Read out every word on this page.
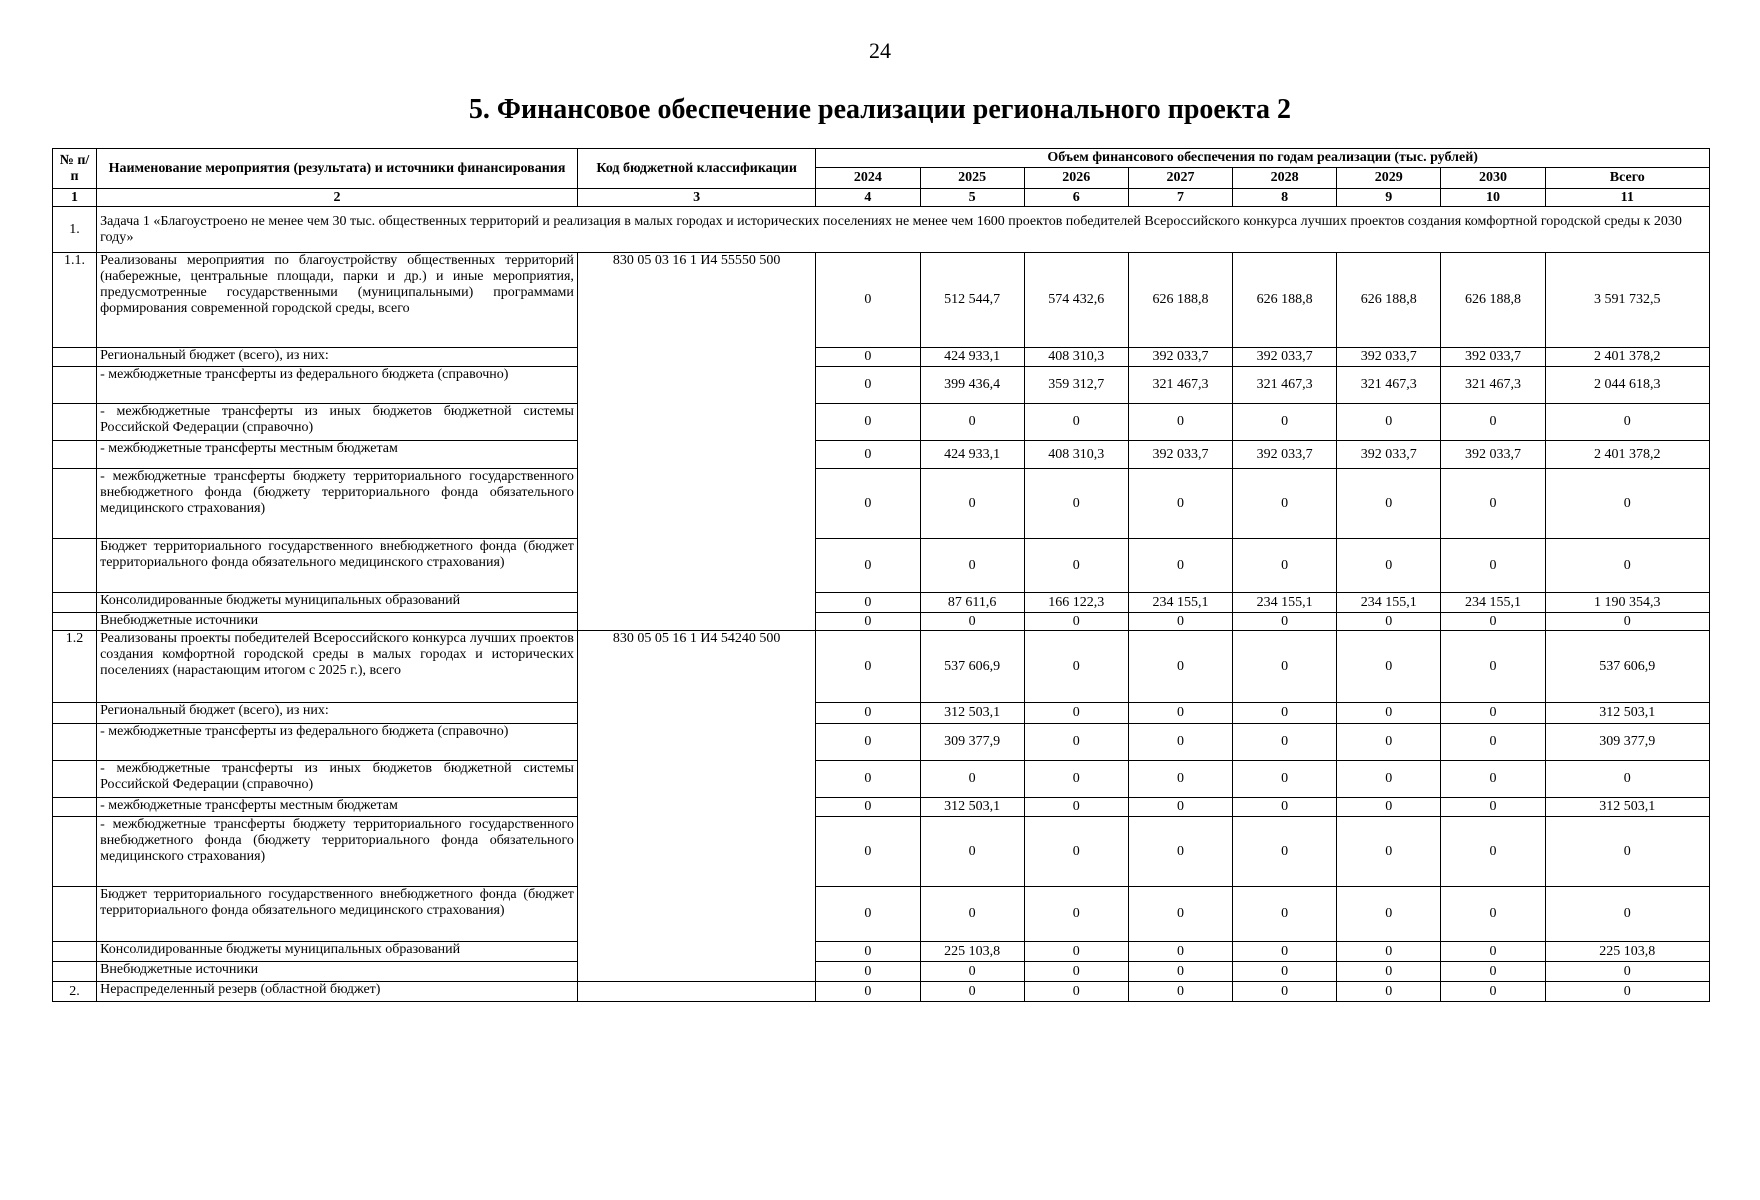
24
5. Финансовое обеспечение реализации регионального проекта 2
№ п/п	Наименование мероприятия (результата) и источники финансирования	Код бюджетной классификации	Объем финансового обеспечения по годам реализации (тыс. рублей)							
			2024	2025	2026	2027	2028	2029	2030	Всего
1	2	3	4	5	6	7	8	9	10	11
1.	Задача 1 «Благоустроено не менее чем 30 тыс. общественных территорий и реализация в малых городах и исторических поселениях не менее чем 1600 проектов победителей Всероссийского конкурса лучших проектов создания комфортной городской среды к 2030 году»									
1.1.	Реализованы мероприятия по благоустройству общественных территорий (набережные, центральные площади, парки и др.) и иные мероприятия, предусмотренные государственными (муниципальными) программами формирования современной городской среды, всего	830 05 03 16 1 И4 55550 500	0	512 544,7	574 432,6	626 188,8	626 188,8	626 188,8	626 188,8	3 591 732,5
	Региональный бюджет (всего), из них:		0	424 933,1	408 310,3	392 033,7	392 033,7	392 033,7	392 033,7	2 401 378,2
	- межбюджетные трансферты из федерального бюджета (справочно)		0	399 436,4	359 312,7	321 467,3	321 467,3	321 467,3	321 467,3	2 044 618,3
	- межбюджетные трансферты из иных бюджетов бюджетной системы Российской Федерации (справочно)		0	0	0	0	0	0	0	0
	- межбюджетные трансферты местным бюджетам		0	424 933,1	408 310,3	392 033,7	392 033,7	392 033,7	392 033,7	2 401 378,2
	- межбюджетные трансферты бюджету территориального государственного внебюджетного фонда (бюджету территориального фонда обязательного медицинского страхования)		0	0	0	0	0	0	0	0
	Бюджет территориального государственного внебюджетного фонда (бюджет территориального фонда обязательного медицинского страхования)		0	0	0	0	0	0	0	0
	Консолидированные бюджеты муниципальных образований		0	87 611,6	166 122,3	234 155,1	234 155,1	234 155,1	234 155,1	1 190 354,3
	Внебюджетные источники		0	0	0	0	0	0	0	0
1.2	Реализованы проекты победителей Всероссийского конкурса лучших проектов создания комфортной городской среды в малых городах и исторических поселениях (нарастающим итогом с 2025 г.), всего	830 05 05 16 1 И4 54240 500	0	537 606,9	0	0	0	0	0	537 606,9
	Региональный бюджет (всего), из них:		0	312 503,1	0	0	0	0	0	312 503,1
	- межбюджетные трансферты из федерального бюджета (справочно)		0	309 377,9	0	0	0	0	0	309 377,9
	- межбюджетные трансферты из иных бюджетов бюджетной системы Российской Федерации (справочно)		0	0	0	0	0	0	0	0
	- межбюджетные трансферты местным бюджетам		0	312 503,1	0	0	0	0	0	312 503,1
	- межбюджетные трансферты бюджету территориального государственного внебюджетного фонда (бюджету территориального фонда обязательного медицинского страхования)		0	0	0	0	0	0	0	0
	Бюджет территориального государственного внебюджетного фонда (бюджет территориального фонда обязательного медицинского страхования)		0	0	0	0	0	0	0	0
	Консолидированные бюджеты муниципальных образований		0	225 103,8	0	0	0	0	0	225 103,8
	Внебюджетные источники		0	0	0	0	0	0	0	0
2.	Нераспределенный резерв (областной бюджет)		0	0	0	0	0	0	0	0
